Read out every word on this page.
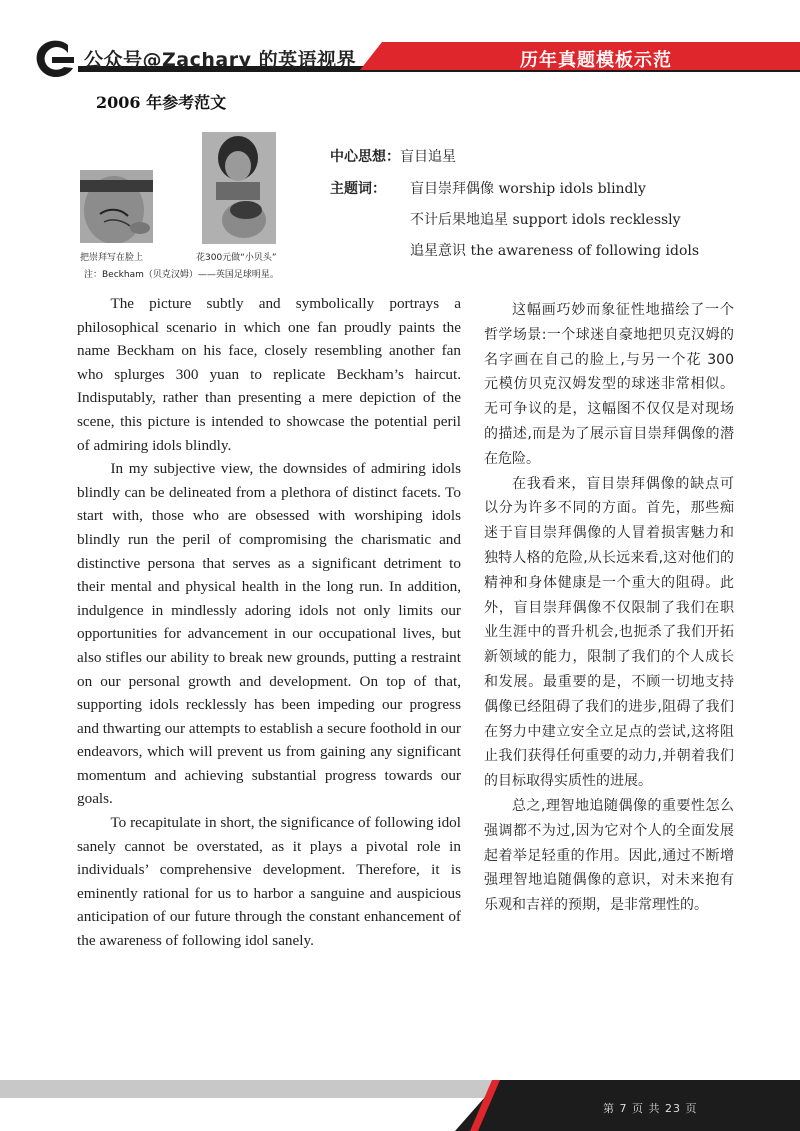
公众号@Zachary 的英语视界	历年真题模板示范
2006 年参考范文
把崇拜写在脸上	花300元做“小贝头”
注：Beckham（贝克汉姆）——英国足球明星。
中心思想：盲目追星
主题词： 盲目崇拜偶像 worship idols blindly
不计后果地追星 support idols recklessly
追星意识 the awareness of following idols

The picture subtly and symbolically portrays a philosophical scenario in which one fan proudly paints the name Beckham on his face, closely resembling another fan who splurges 300 yuan to replicate Beckham’s haircut. Indisputably, rather than presenting a mere depiction of the scene, this picture is intended to showcase the potential peril of admiring idols blindly.

In my subjective view, the downsides of admiring idols blindly can be delineated from a plethora of distinct facets. To start with, those who are obsessed with worshiping idols blindly run the peril of compromising the charismatic and distinctive persona that serves as a significant detriment to their mental and physical health in the long run. In addition, indulgence in mindlessly adoring idols not only limits our opportunities for advancement in our occupational lives, but also stifles our ability to break new grounds, putting a restraint on our personal growth and development. On top of that, supporting idols recklessly has been impeding our progress and thwarting our attempts to establish a secure foothold in our endeavors, which will prevent us from gaining any significant momentum and achieving substantial progress towards our goals.

To recapitulate in short, the significance of following idol sanely cannot be overstated, as it plays a pivotal role in individuals’ comprehensive development. Therefore, it is eminently rational for us to harbor a sanguine and auspicious anticipation of our future through the constant enhancement of the awareness of following idol sanely.

这幅画巧妙而象征性地描绘了一个哲学场景:一个球迷自豪地把贝克汉姆的名字画在自己的脸上,与另一个花 300 元模仿贝克汉姆发型的球迷非常相似。无可争议的是，这幅图不仅仅是对现场的描述,而是为了展示盲目崇拜偶像的潜在危险。

在我看来，盲目崇拜偶像的缺点可以分为许多不同的方面。首先，那些痴迷于盲目崇拜偶像的人冒着损害魅力和独特人格的危险,从长远来看,这对他们的精神和身体健康是一个重大的阻碍。此外，盲目崇拜偶像不仅限制了我们在职业生涯中的晋升机会,也扼杀了我们开拓新领域的能力，限制了我们的个人成长和发展。最重要的是，不顾一切地支持偶像已经阻碍了我们的进步,阻碍了我们在努力中建立安全立足点的尝试,这将阻止我们获得任何重要的动力,并朝着我们的目标取得实质性的进展。

总之,理智地追随偶像的重要性怎么强调都不为过,因为它对个人的全面发展起着举足轻重的作用。因此,通过不断增强理智地追随偶像的意识，对未来抱有乐观和吉祥的预期，是非常理性的。

第 7 页 共 23 页
